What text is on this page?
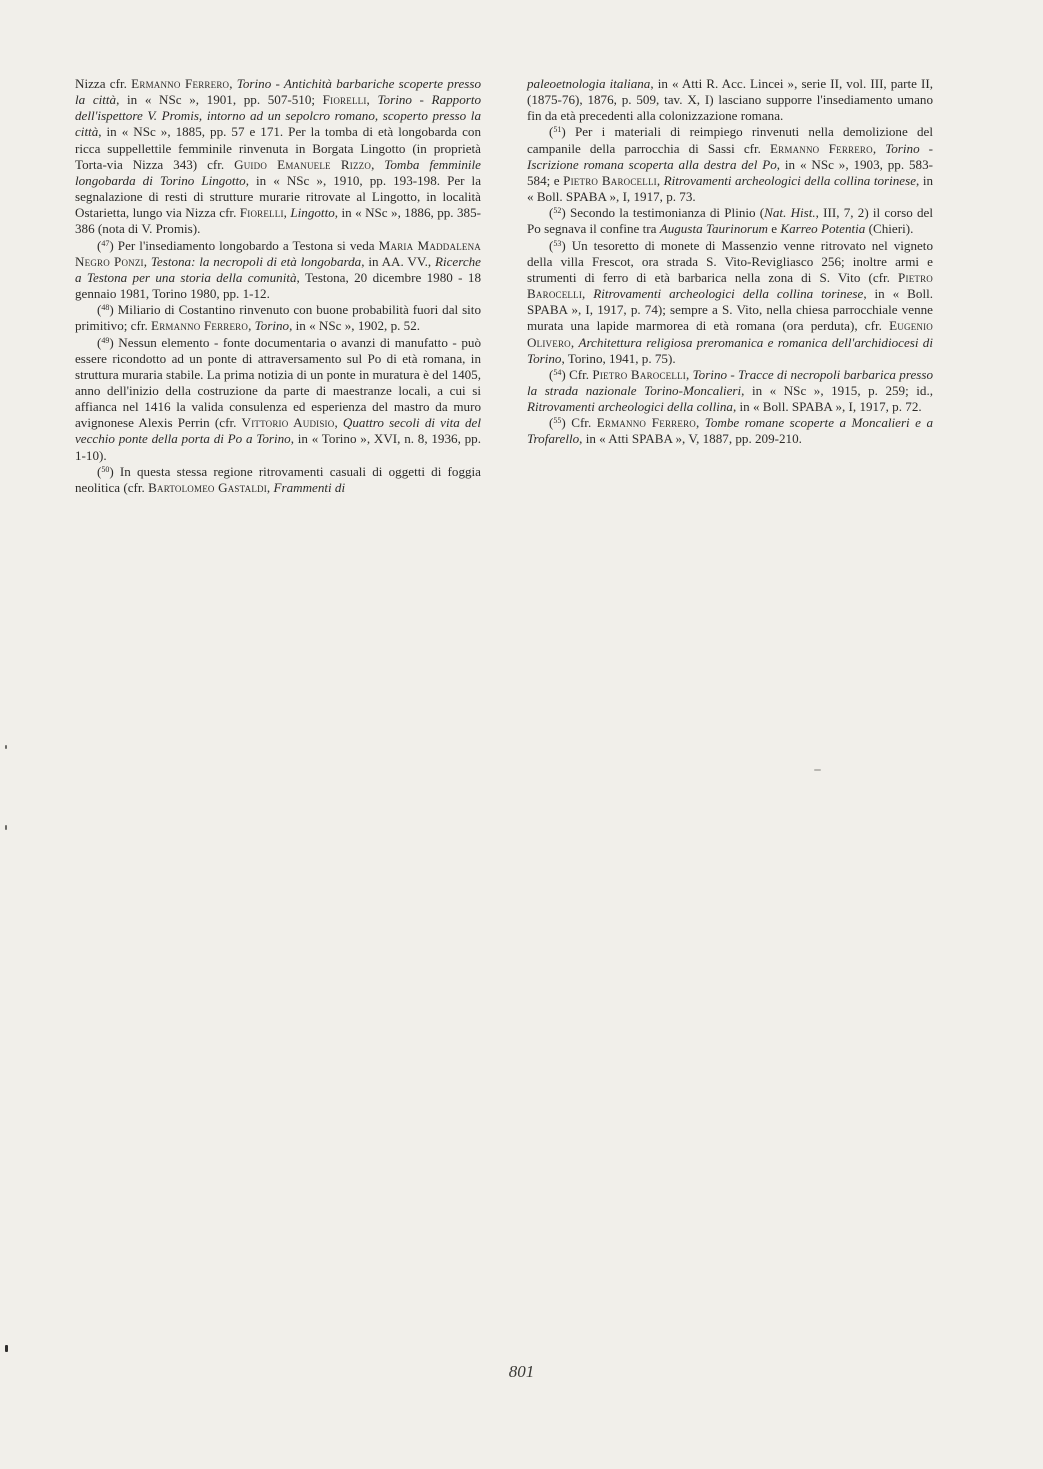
Nizza cfr. Ermanno Ferrero, Torino - Antichità barbariche scoperte presso la città, in « NSc », 1901, pp. 507-510; Fiorelli, Torino - Rapporto dell'ispettore V. Promis, intorno ad un sepolcro romano, scoperto presso la città, in « NSc », 1885, pp. 57 e 171. Per la tomba di età longobarda con ricca suppellettile femminile rinvenuta in Borgata Lingotto (in proprietà Torta-via Nizza 343) cfr. Guido Emanuele Rizzo, Tomba femminile longobarda di Torino Lingotto, in « NSc », 1910, pp. 193-198. Per la segnalazione di resti di strutture murarie ritrovate al Lingotto, in località Ostarietta, lungo via Nizza cfr. Fiorelli, Lingotto, in « NSc », 1886, pp. 385-386 (nota di V. Promis).

($^{47}$) Per l'insediamento longobardo a Testona si veda Maria Maddalena Negro Ponzi, Testona: la necropoli di età longobarda, in AA. VV., Ricerche a Testona per una storia della comunità, Testona, 20 dicembre 1980 - 18 gennaio 1981, Torino 1980, pp. 1-12.

($^{48}$) Miliario di Costantino rinvenuto con buone probabilità fuori dal sito primitivo; cfr. Ermanno Ferrero, Torino, in « NSc », 1902, p. 52.

($^{49}$) Nessun elemento - fonte documentaria o avanzi di manufatto - può essere ricondotto ad un ponte di attraversamento sul Po di età romana, in struttura muraria stabile. La prima notizia di un ponte in muratura è del 1405, anno dell'inizio della costruzione da parte di maestranze locali, a cui si affianca nel 1416 la valida consulenza ed esperienza del mastro da muro avignonese Alexis Perrin (cfr. Vittorio Audisio, Quattro secoli di vita del vecchio ponte della porta di Po a Torino, in « Torino », XVI, n. 8, 1936, pp. 1-10).

($^{50}$) In questa stessa regione ritrovamenti casuali di oggetti di foggia neolitica (cfr. Bartolomeo Gastaldi, Frammenti di

paleoetnologia italiana, in « Atti R. Acc. Lincei », serie II, vol. III, parte II, (1875-76), 1876, p. 509, tav. X, I) lasciano supporre l'insediamento umano fin da età precedenti alla colonizzazione romana.

($^{51}$) Per i materiali di reimpiego rinvenuti nella demolizione del campanile della parrocchia di Sassi cfr. Ermanno Ferrero, Torino - Iscrizione romana scoperta alla destra del Po, in « NSc », 1903, pp. 583-584; e Pietro Barocelli, Ritrovamenti archeologici della collina torinese, in « Boll. SPABA », I, 1917, p. 73.

($^{52}$) Secondo la testimonianza di Plinio (Nat. Hist., III, 7, 2) il corso del Po segnava il confine tra Augusta Taurinorum e Karreo Potentia (Chieri).

($^{53}$) Un tesoretto di monete di Massenzio venne ritrovato nel vigneto della villa Frescot, ora strada S. Vito-Revigliasco 256; inoltre armi e strumenti di ferro di età barbarica nella zona di S. Vito (cfr. Pietro Barocelli, Ritrovamenti archeologici della collina torinese, in « Boll. SPABA », I, 1917, p. 74); sempre a S. Vito, nella chiesa parrocchiale venne murata una lapide marmorea di età romana (ora perduta), cfr. Eugenio Olivero, Architettura religiosa preromanica e romanica dell'archidiocesi di Torino, Torino, 1941, p. 75).

($^{54}$) Cfr. Pietro Barocelli, Torino - Tracce di necropoli barbarica presso la strada nazionale Torino-Moncalieri, in « NSc », 1915, p. 259; id., Ritrovamenti archeologici della collina, in « Boll. SPABA », I, 1917, p. 72.

($^{55}$) Cfr. Ermanno Ferrero, Tombe romane scoperte a Moncalieri e a Trofarello, in « Atti SPABA », V, 1887, pp. 209-210.

801
